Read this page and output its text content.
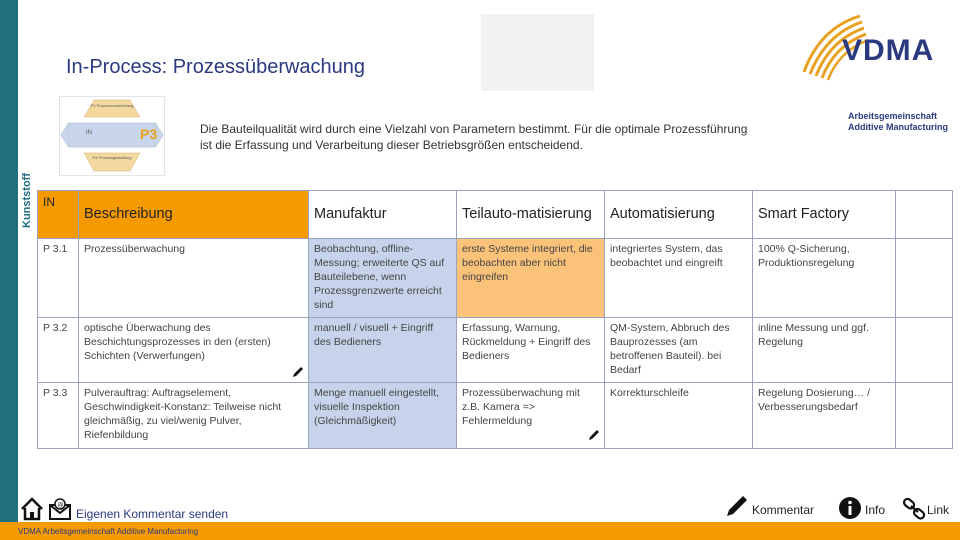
Kunststoff
In-Process: Prozessüberwachung	VDMA
Arbeitsgemeinschaft
Additive Manufacturing
P2 Prozessvorbereitung
IN
P4 Prozessgestaltung
P3	Die Bauteilqualität wird durch eine Vielzahl von Parametern bestimmt. Für die optimale Prozessführung ist die Erfassung und Verarbeitung dieser Betriebsgrößen entscheidend.
IN	Beschreibung	Manufaktur	Teilauto-matisierung	Automatisierung	Smart Factory	
P 3.1	Prozessüberwachung	Beobachtung, offline-Messung; erweiterte QS auf Bauteilebene, wenn Prozessgrenzwerte erreicht sind	erste Systeme integriert, die beobachten aber nicht eingreifen	integriertes System, das beobachtet und eingreift	100% Q-Sicherung, Produktionsregelung	
P 3.2	optische Überwachung des Beschichtungsprozesses in den (ersten) Schichten (Verwerfungen)	manuell / visuell + Eingriff des Bedieners	Erfassung, Warnung, Rückmeldung + Eingriff des Bedieners	QM-System, Abbruch des Bauprozesses (am betroffenen Bauteil). bei Bedarf	inline Messung und ggf. Regelung	
P 3.3	Pulverauftrag: Auftragselement, Geschwindigkeit-Konstanz: Teilweise nicht gleichmäßig, zu viel/wenig Pulver, Riefenbildung	Menge manuell eingestellt, visuelle Inspektion (Gleichmäßigkeit)	Prozessüberwachung mit z.B. Kamera => Fehlermeldung	Korrekturschleife	Regelung Dosierung… / Verbesserungsbedarf	
@
Eigenen Kommentar senden	Kommentar	Info	Link
VDMA Arbeitsgemeinschaft Additive Manufacturing
